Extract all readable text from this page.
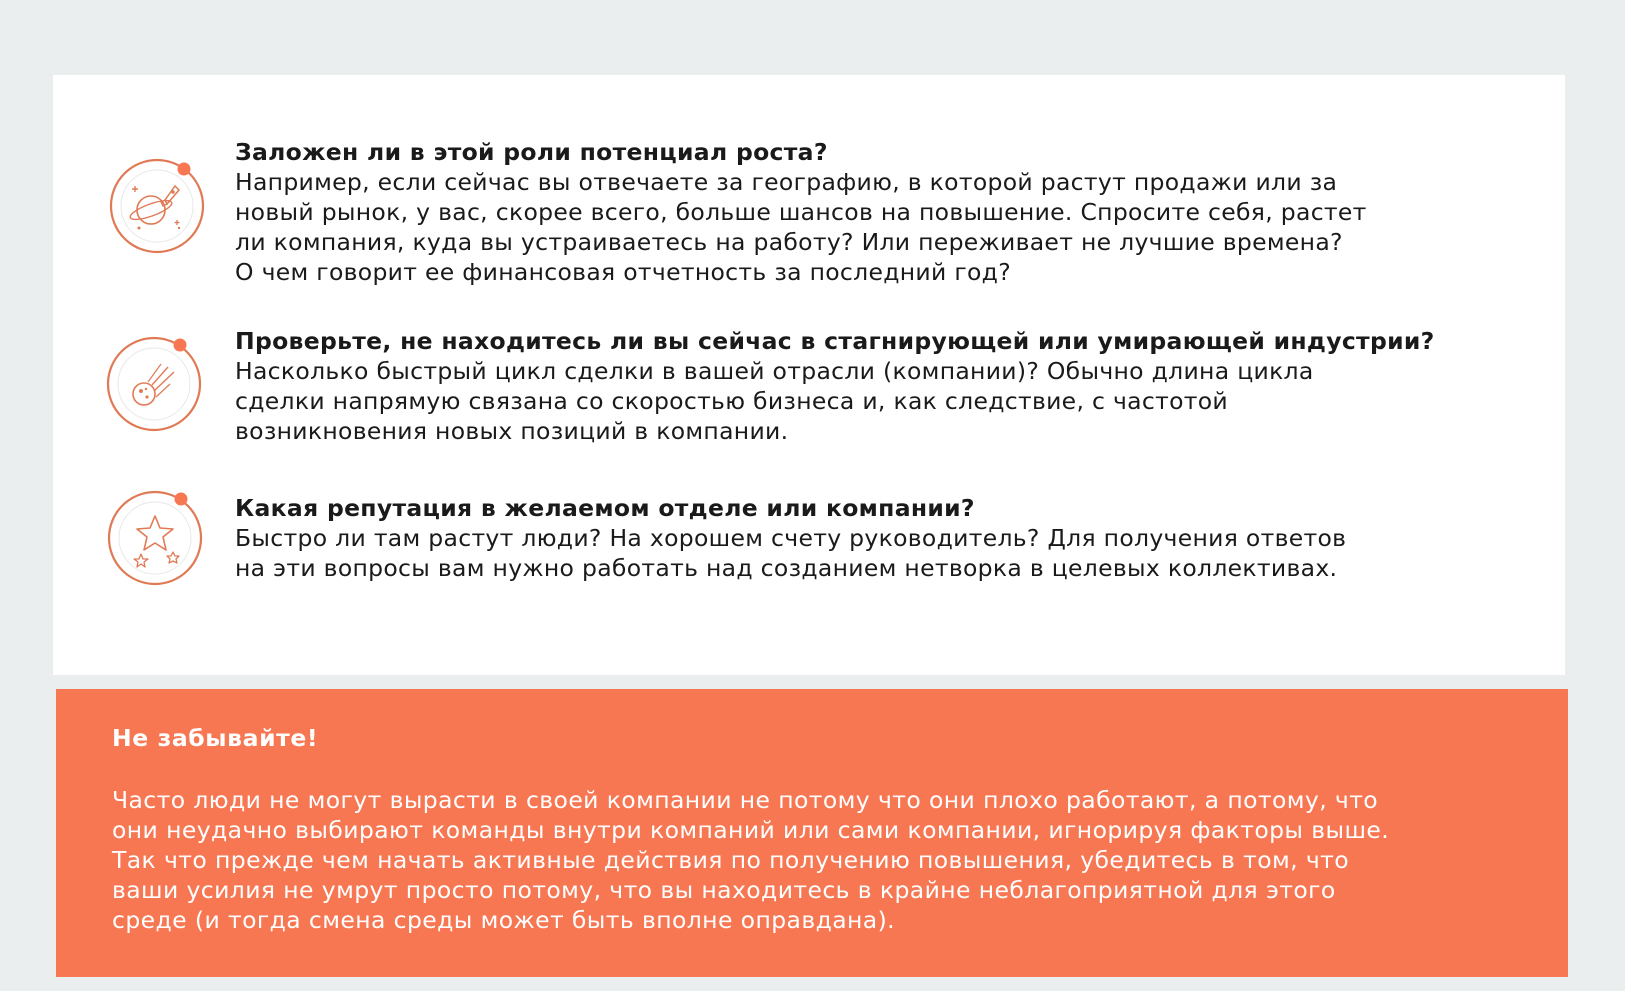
Заложен ли в этой роли потенциал роста?
Например, если сейчас вы отвечаете за географию, в которой растут продажи или за
новый рынок, у вас, скорее всего, больше шансов на повышение. Спросите себя, растет
ли компания, куда вы устраиваетесь на работу? Или переживает не лучшие времена?
О чем говорит ее финансовая отчетность за последний год?
Проверьте, не находитесь ли вы сейчас в стагнирующей или умирающей индустрии?
Насколько быстрый цикл сделки в вашей отрасли (компании)? Обычно длина цикла
сделки напрямую связана со скоростью бизнеса и, как следствие, с частотой
возникновения новых позиций в компании.
Какая репутация в желаемом отделе или компании?
Быстро ли там растут люди? На хорошем счету руководитель? Для получения ответов
на эти вопросы вам нужно работать над созданием нетворка в целевых коллективах.
Не забывайте!
Часто люди не могут вырасти в своей компании не потому что они плохо работают, а потому, что
они неудачно выбирают команды внутри компаний или сами компании, игнорируя факторы выше.
Так что прежде чем начать активные действия по получению повышения, убедитесь в том, что
ваши усилия не умрут просто потому, что вы находитесь в крайне неблагоприятной для этого
среде (и тогда смена среды может быть вполне оправдана).
